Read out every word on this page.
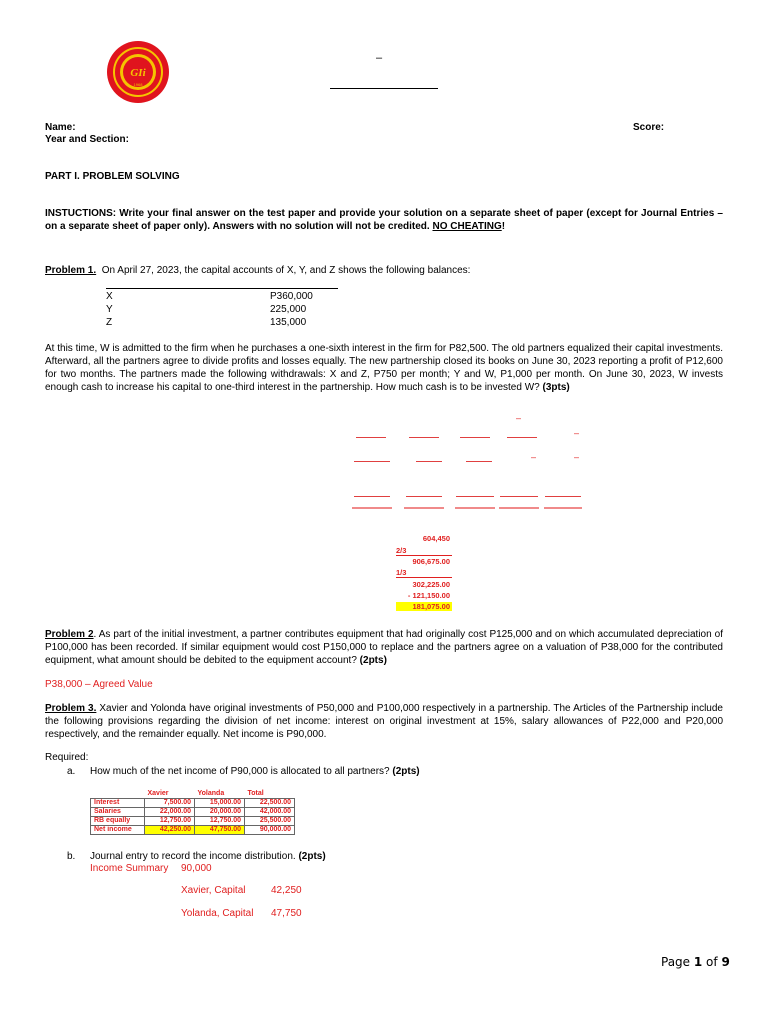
GIi
1968
–
Name:	Score:
Year and Section:
PART I. PROBLEM SOLVING
INSTUCTIONS: Write your final answer on the test paper and provide your solution on a separate sheet of paper (except for Journal Entries – on a separate sheet of paper only). Answers with no solution will not be credited. NO CHEATING!
Problem 1. On April 27, 2023, the capital accounts of X, Y, and Z shows the following balances:
X	P360,000
Y	225,000
Z	135,000
At this time, W is admitted to the firm when he purchases a one-sixth interest in the firm for P82,500. The old partners equalized their capital investments. Afterward, all the partners agree to divide profits and losses equally. The new partnership closed its books on June 30, 2023 reporting a profit of P12,600 for two months. The partners made the following withdrawals: X and Z, P750 per month; Y and W, P1,000 per month. On June 30, 2023, W invests enough cash to increase his capital to one-third interest in the partnership. How much cash is to be invested W? (3pts)
–
–
–	–
604,450
2/3
906,675.00
1/3
302,225.00
- 121,150.00
181,075.00
Problem 2. As part of the initial investment, a partner contributes equipment that had originally cost P125,000 and on which accumulated depreciation of P100,000 has been recorded. If similar equipment would cost P150,000 to replace and the partners agree on a valuation of P38,000 for the contributed equipment, what amount should be debited to the equipment account? (2pts)
P38,000 – Agreed Value
Problem 3. Xavier and Yolonda have original investments of P50,000 and P100,000 respectively in a partnership. The Articles of the Partnership include the following provisions regarding the division of net income: interest on original investment at 15%, salary allowances of P22,000 and P20,000 respectively, and the remainder equally. Net income is P90,000.
Required:
a. How much of the net income of P90,000 is allocated to all partners? (2pts)
	Xavier	Yolanda	Total
Interest	7,500.00	15,000.00	22,500.00
Salaries	22,000.00	20,000.00	42,000.00
RB equally	12,750.00	12,750.00	25,500.00
Net income	42,250.00	47,750.00	90,000.00
b. Journal entry to record the income distribution. (2pts)
Income Summary 90,000
Xavier, Capital	42,250
Yolanda, Capital 47,750
Page 1 of 9
